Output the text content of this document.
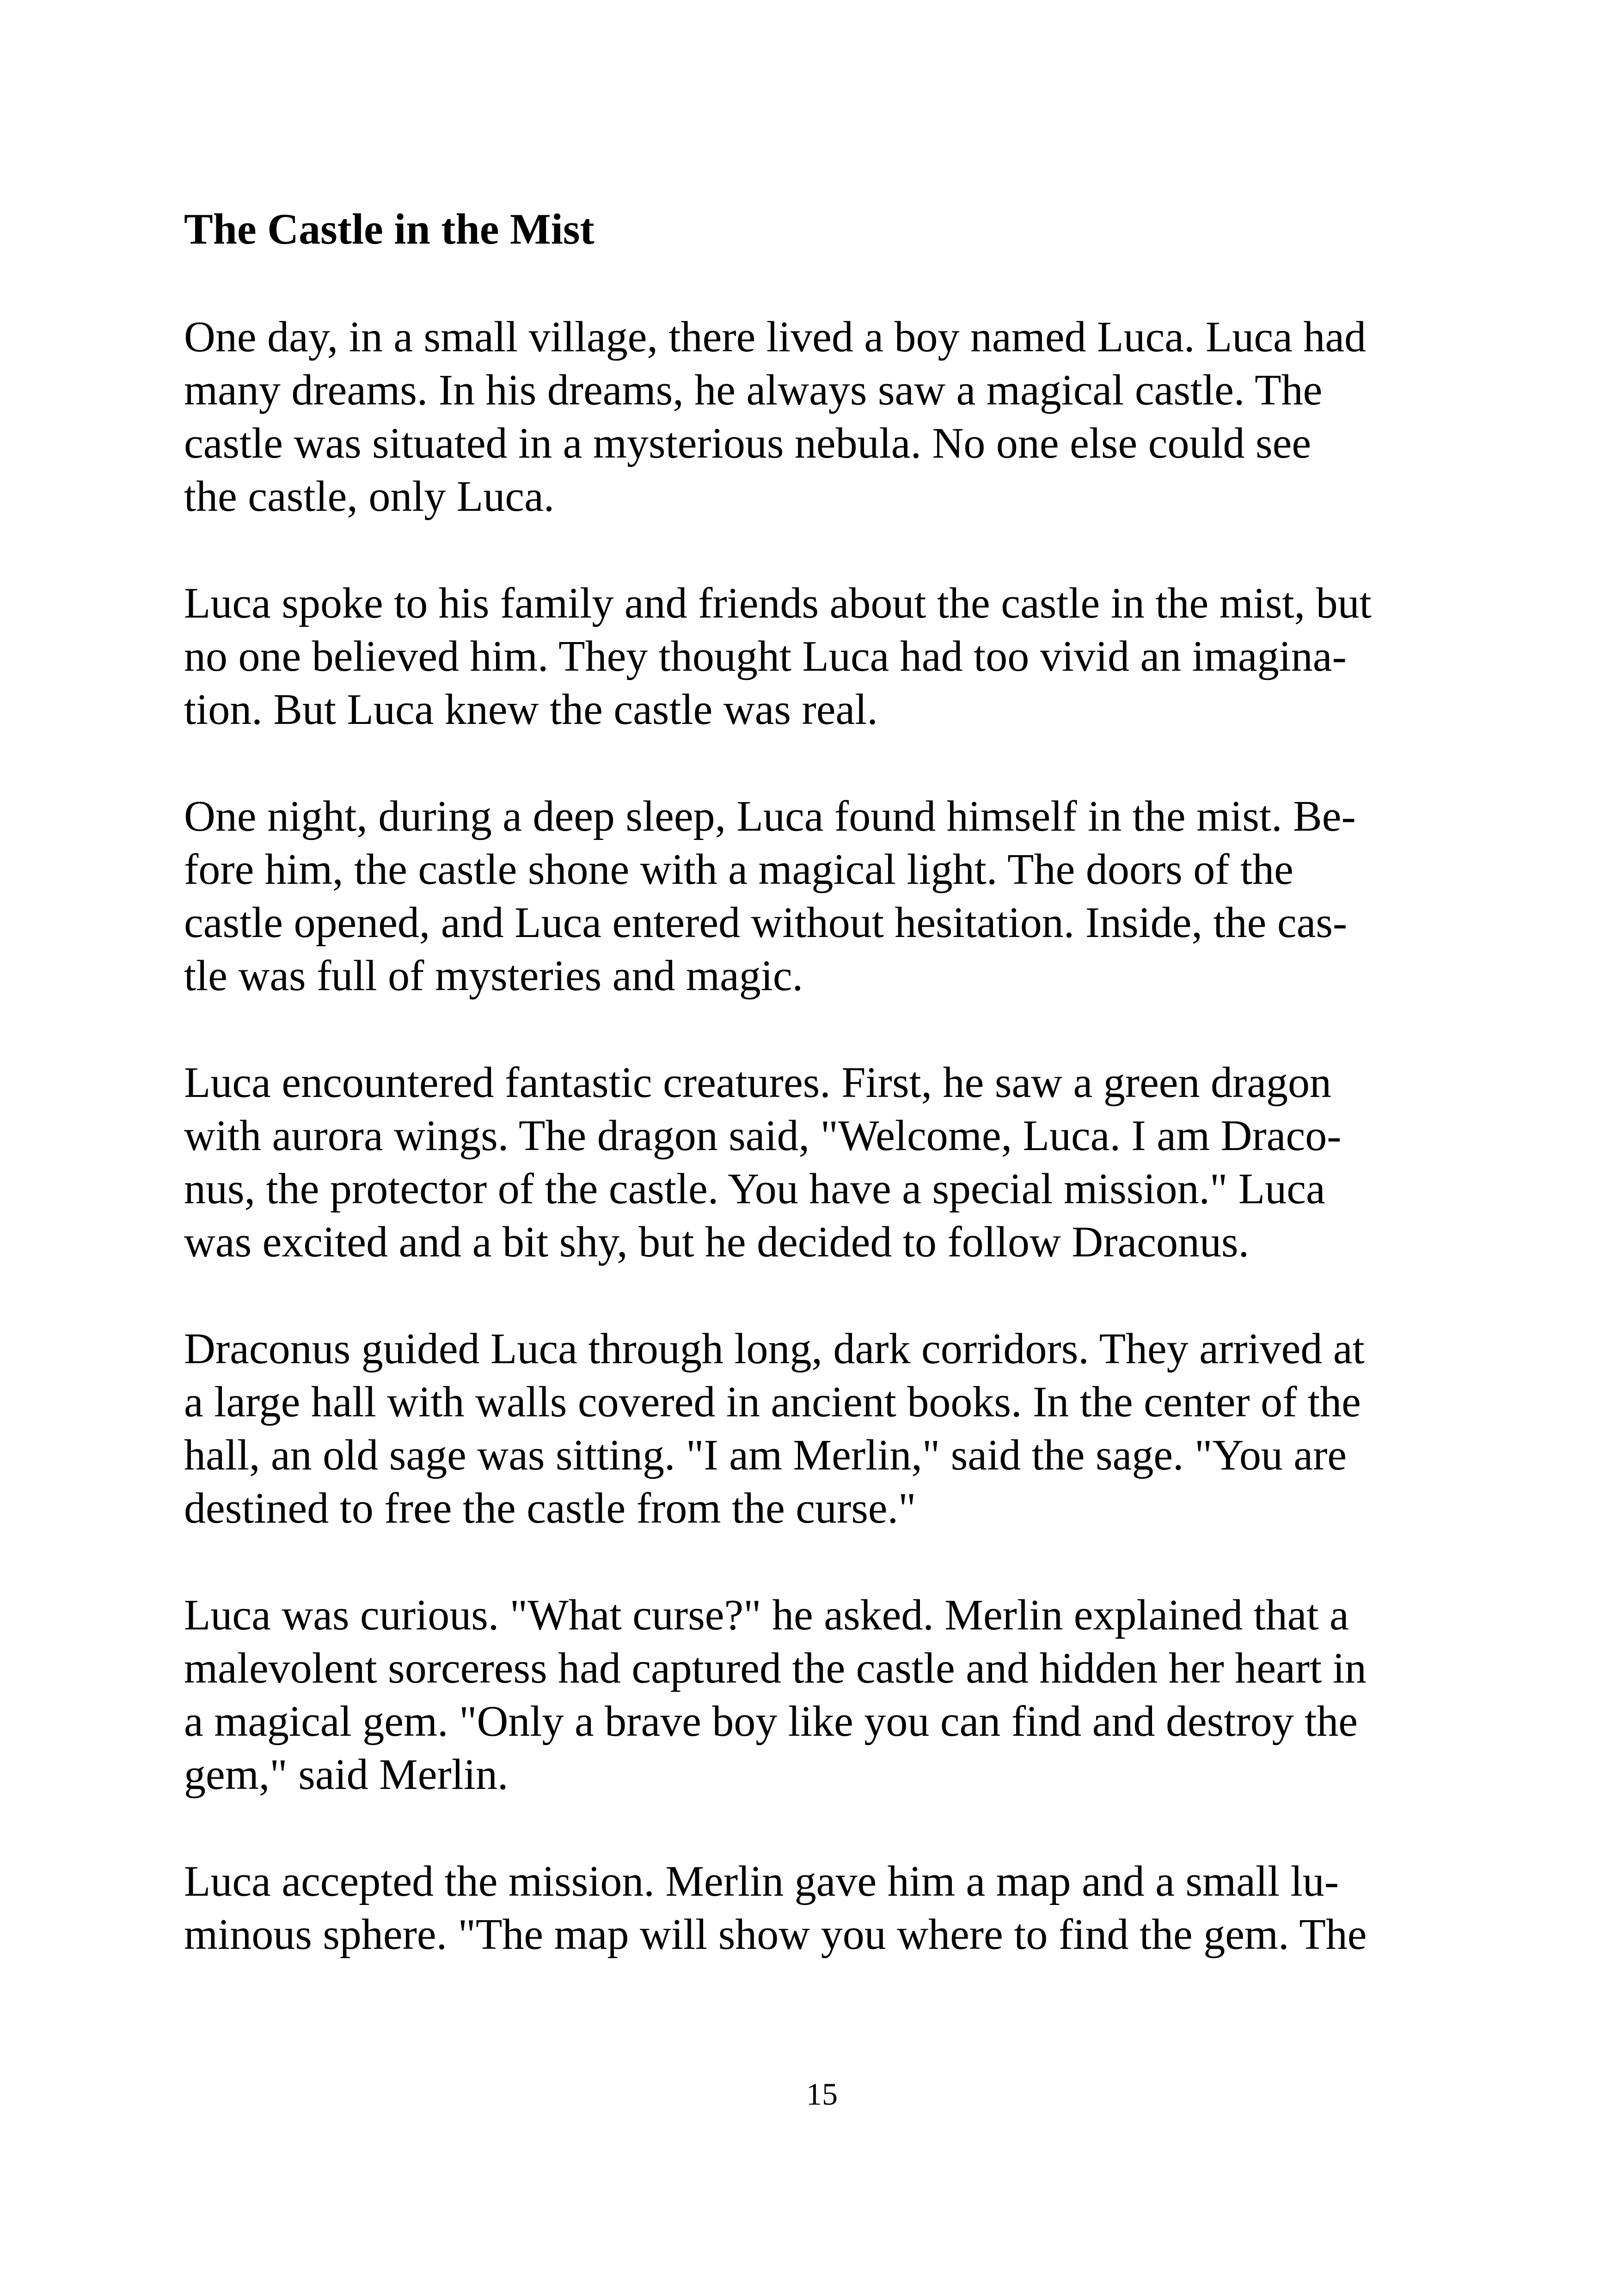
The Castle in the Mist

One day, in a small village, there lived a boy named Luca. Luca had
many dreams. In his dreams, he always saw a magical castle. The
castle was situated in a mysterious nebula. No one else could see
the castle, only Luca.

Luca spoke to his family and friends about the castle in the mist, but
no one believed him. They thought Luca had too vivid an imagina-
tion. But Luca knew the castle was real.

One night, during a deep sleep, Luca found himself in the mist. Be-
fore him, the castle shone with a magical light. The doors of the
castle opened, and Luca entered without hesitation. Inside, the cas-
tle was full of mysteries and magic.

Luca encountered fantastic creatures. First, he saw a green dragon
with aurora wings. The dragon said, "Welcome, Luca. I am Draco-
nus, the protector of the castle. You have a special mission." Luca
was excited and a bit shy, but he decided to follow Draconus.

Draconus guided Luca through long, dark corridors. They arrived at
a large hall with walls covered in ancient books. In the center of the
hall, an old sage was sitting. "I am Merlin," said the sage. "You are
destined to free the castle from the curse."

Luca was curious. "What curse?" he asked. Merlin explained that a
malevolent sorceress had captured the castle and hidden her heart in
a magical gem. "Only a brave boy like you can find and destroy the
gem," said Merlin.

Luca accepted the mission. Merlin gave him a map and a small lu-
minous sphere. "The map will show you where to find the gem. The

15
